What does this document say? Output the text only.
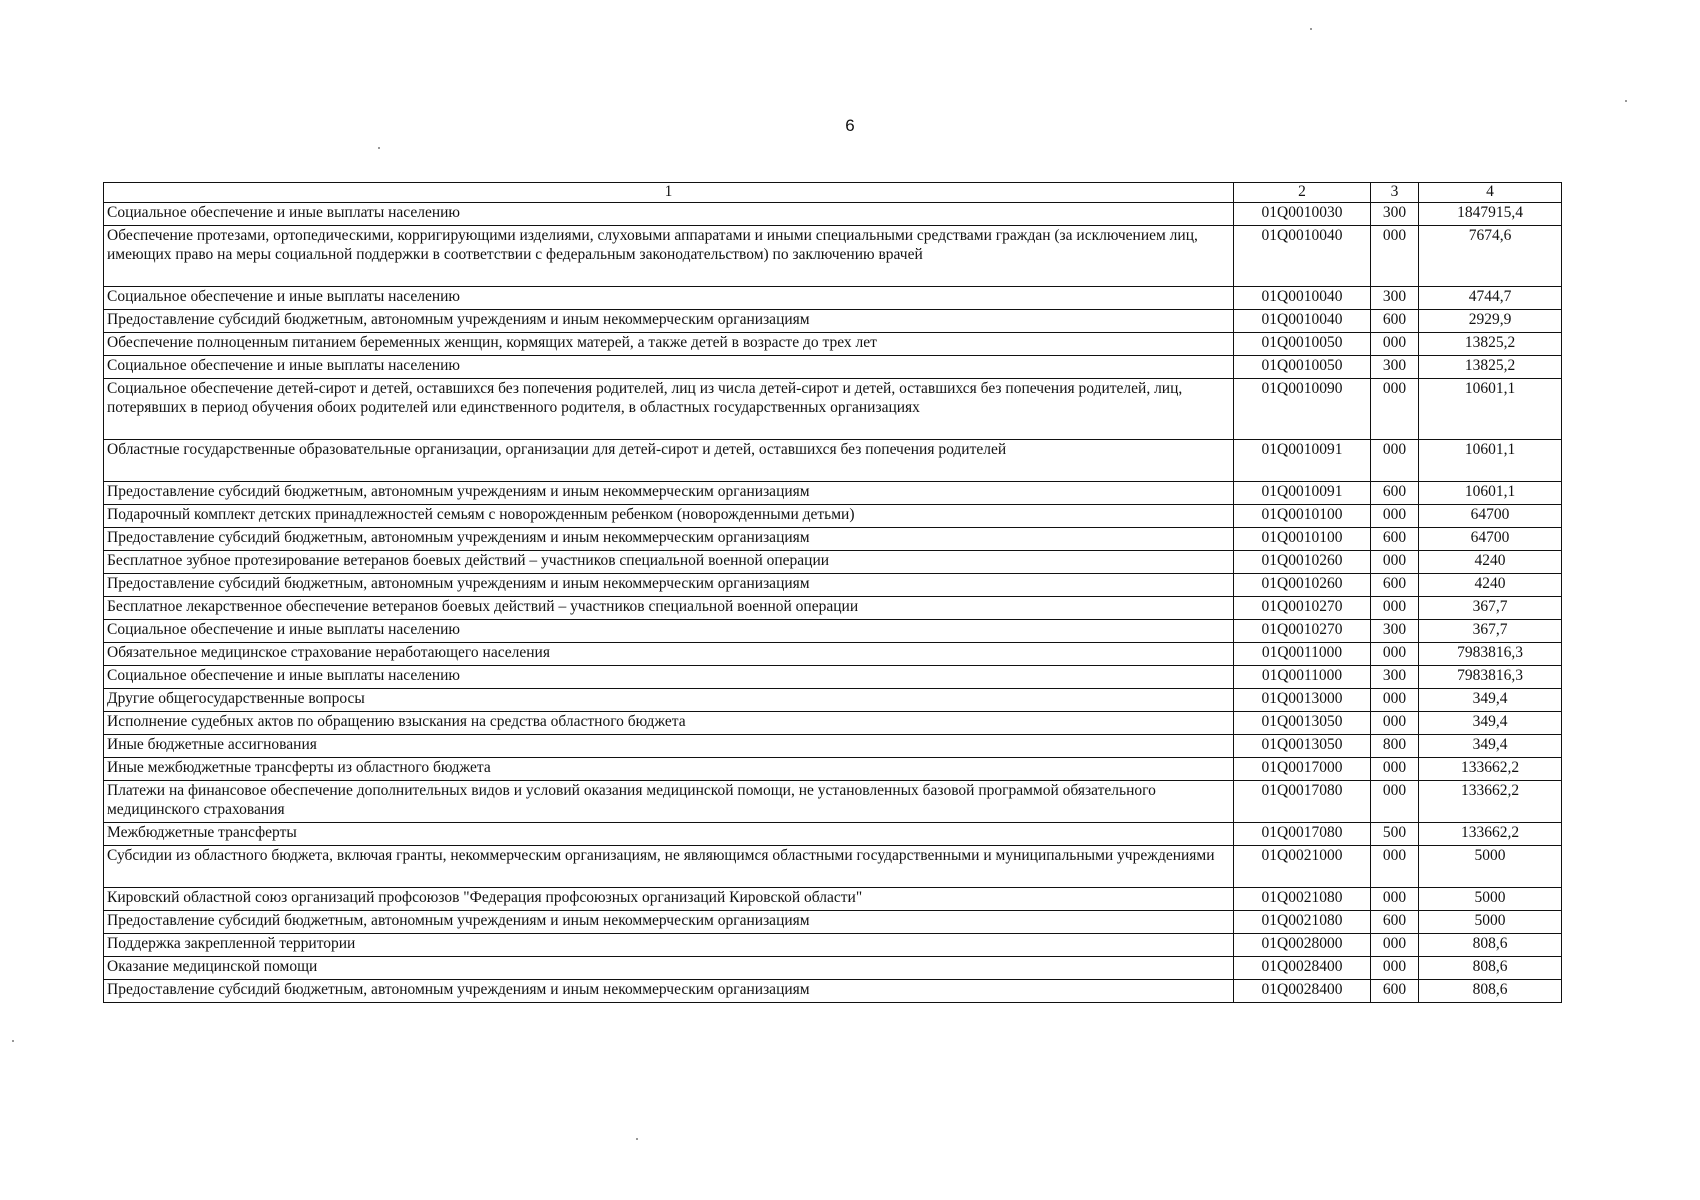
6
1	2	3	4
Социальное обеспечение и иные выплаты населению	01Q0010030	300	1847915,4
Обеспечение протезами, ортопедическими, корригирующими изделиями, слуховыми аппаратами и иными специальными средствами граждан (за исключением лиц, имеющих право на меры социальной поддержки в соответствии с федеральным законодательством) по заключению врачей	01Q0010040	000	7674,6
Социальное обеспечение и иные выплаты населению	01Q0010040	300	4744,7
Предоставление субсидий бюджетным, автономным учреждениям и иным некоммерческим организациям	01Q0010040	600	2929,9
Обеспечение полноценным питанием беременных женщин, кормящих матерей, а также детей в возрасте до трех лет	01Q0010050	000	13825,2
Социальное обеспечение и иные выплаты населению	01Q0010050	300	13825,2
Социальное обеспечение детей-сирот и детей, оставшихся без попечения родителей, лиц из числа детей-сирот и детей, оставшихся без попечения родителей, лиц, потерявших в период обучения обоих родителей или единственного родителя, в областных государственных организациях	01Q0010090	000	10601,1
Областные государственные образовательные организации, организации для детей-сирот и детей, оставшихся без попечения родителей	01Q0010091	000	10601,1
Предоставление субсидий бюджетным, автономным учреждениям и иным некоммерческим организациям	01Q0010091	600	10601,1
Подарочный комплект детских принадлежностей семьям с новорожденным ребенком (новорожденными детьми)	01Q0010100	000	64700
Предоставление субсидий бюджетным, автономным учреждениям и иным некоммерческим организациям	01Q0010100	600	64700
Бесплатное зубное протезирование ветеранов боевых действий – участников специальной военной операции	01Q0010260	000	4240
Предоставление субсидий бюджетным, автономным учреждениям и иным некоммерческим организациям	01Q0010260	600	4240
Бесплатное лекарственное обеспечение ветеранов боевых действий – участников специальной военной операции	01Q0010270	000	367,7
Социальное обеспечение и иные выплаты населению	01Q0010270	300	367,7
Обязательное медицинское страхование неработающего населения	01Q0011000	000	7983816,3
Социальное обеспечение и иные выплаты населению	01Q0011000	300	7983816,3
Другие общегосударственные вопросы	01Q0013000	000	349,4
Исполнение судебных актов по обращению взыскания на средства областного бюджета	01Q0013050	000	349,4
Иные бюджетные ассигнования	01Q0013050	800	349,4
Иные межбюджетные трансферты из областного бюджета	01Q0017000	000	133662,2
Платежи на финансовое обеспечение дополнительных видов и условий оказания медицинской помощи, не установленных базовой программой обязательного медицинского страхования	01Q0017080	000	133662,2
Межбюджетные трансферты	01Q0017080	500	133662,2
Субсидии из областного бюджета, включая гранты, некоммерческим организациям, не являющимся областными государственными и муниципальными учреждениями	01Q0021000	000	5000
Кировский областной союз организаций профсоюзов "Федерация профсоюзных организаций Кировской области"	01Q0021080	000	5000
Предоставление субсидий бюджетным, автономным учреждениям и иным некоммерческим организациям	01Q0021080	600	5000
Поддержка закрепленной территории	01Q0028000	000	808,6
Оказание медицинской помощи	01Q0028400	000	808,6
Предоставление субсидий бюджетным, автономным учреждениям и иным некоммерческим организациям	01Q0028400	600	808,6
